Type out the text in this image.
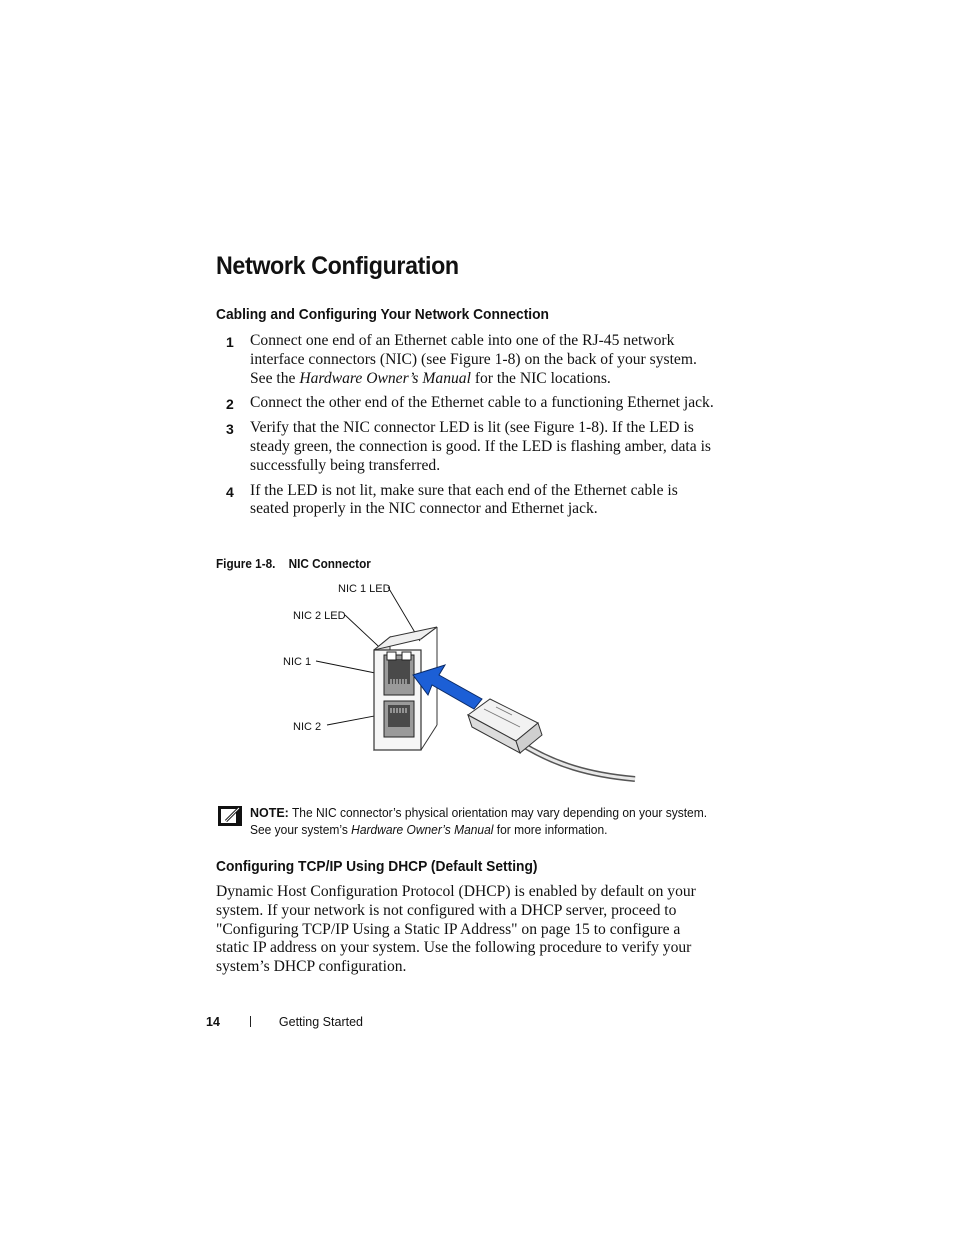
Network Configuration
Cabling and Configuring Your Network Connection
1 Connect one end of an Ethernet cable into one of the RJ-45 network interface connectors (NIC) (see Figure 1-8) on the back of your system. See the Hardware Owner’s Manual for the NIC locations.
2 Connect the other end of the Ethernet cable to a functioning Ethernet jack.
3 Verify that the NIC connector LED is lit (see Figure 1-8). If the LED is steady green, the connection is good. If the LED is flashing amber, data is successfully being transferred.
4 If the LED is not lit, make sure that each end of the Ethernet cable is seated properly in the NIC connector and Ethernet jack.
Figure 1-8. NIC Connector
NIC 1 LED
NIC 2 LED
NIC 1
NIC 2
NOTE: The NIC connector’s physical orientation may vary depending on your system. See your system’s Hardware Owner’s Manual for more information.
Configuring TCP/IP Using DHCP (Default Setting)

Dynamic Host Configuration Protocol (DHCP) is enabled by default on your system. If your network is not configured with a DHCP server, proceed to "Configuring TCP/IP Using a Static IP Address" on page 15 to configure a static IP address on your system. Use the following procedure to verify your system’s DHCP configuration.

14	Getting Started
